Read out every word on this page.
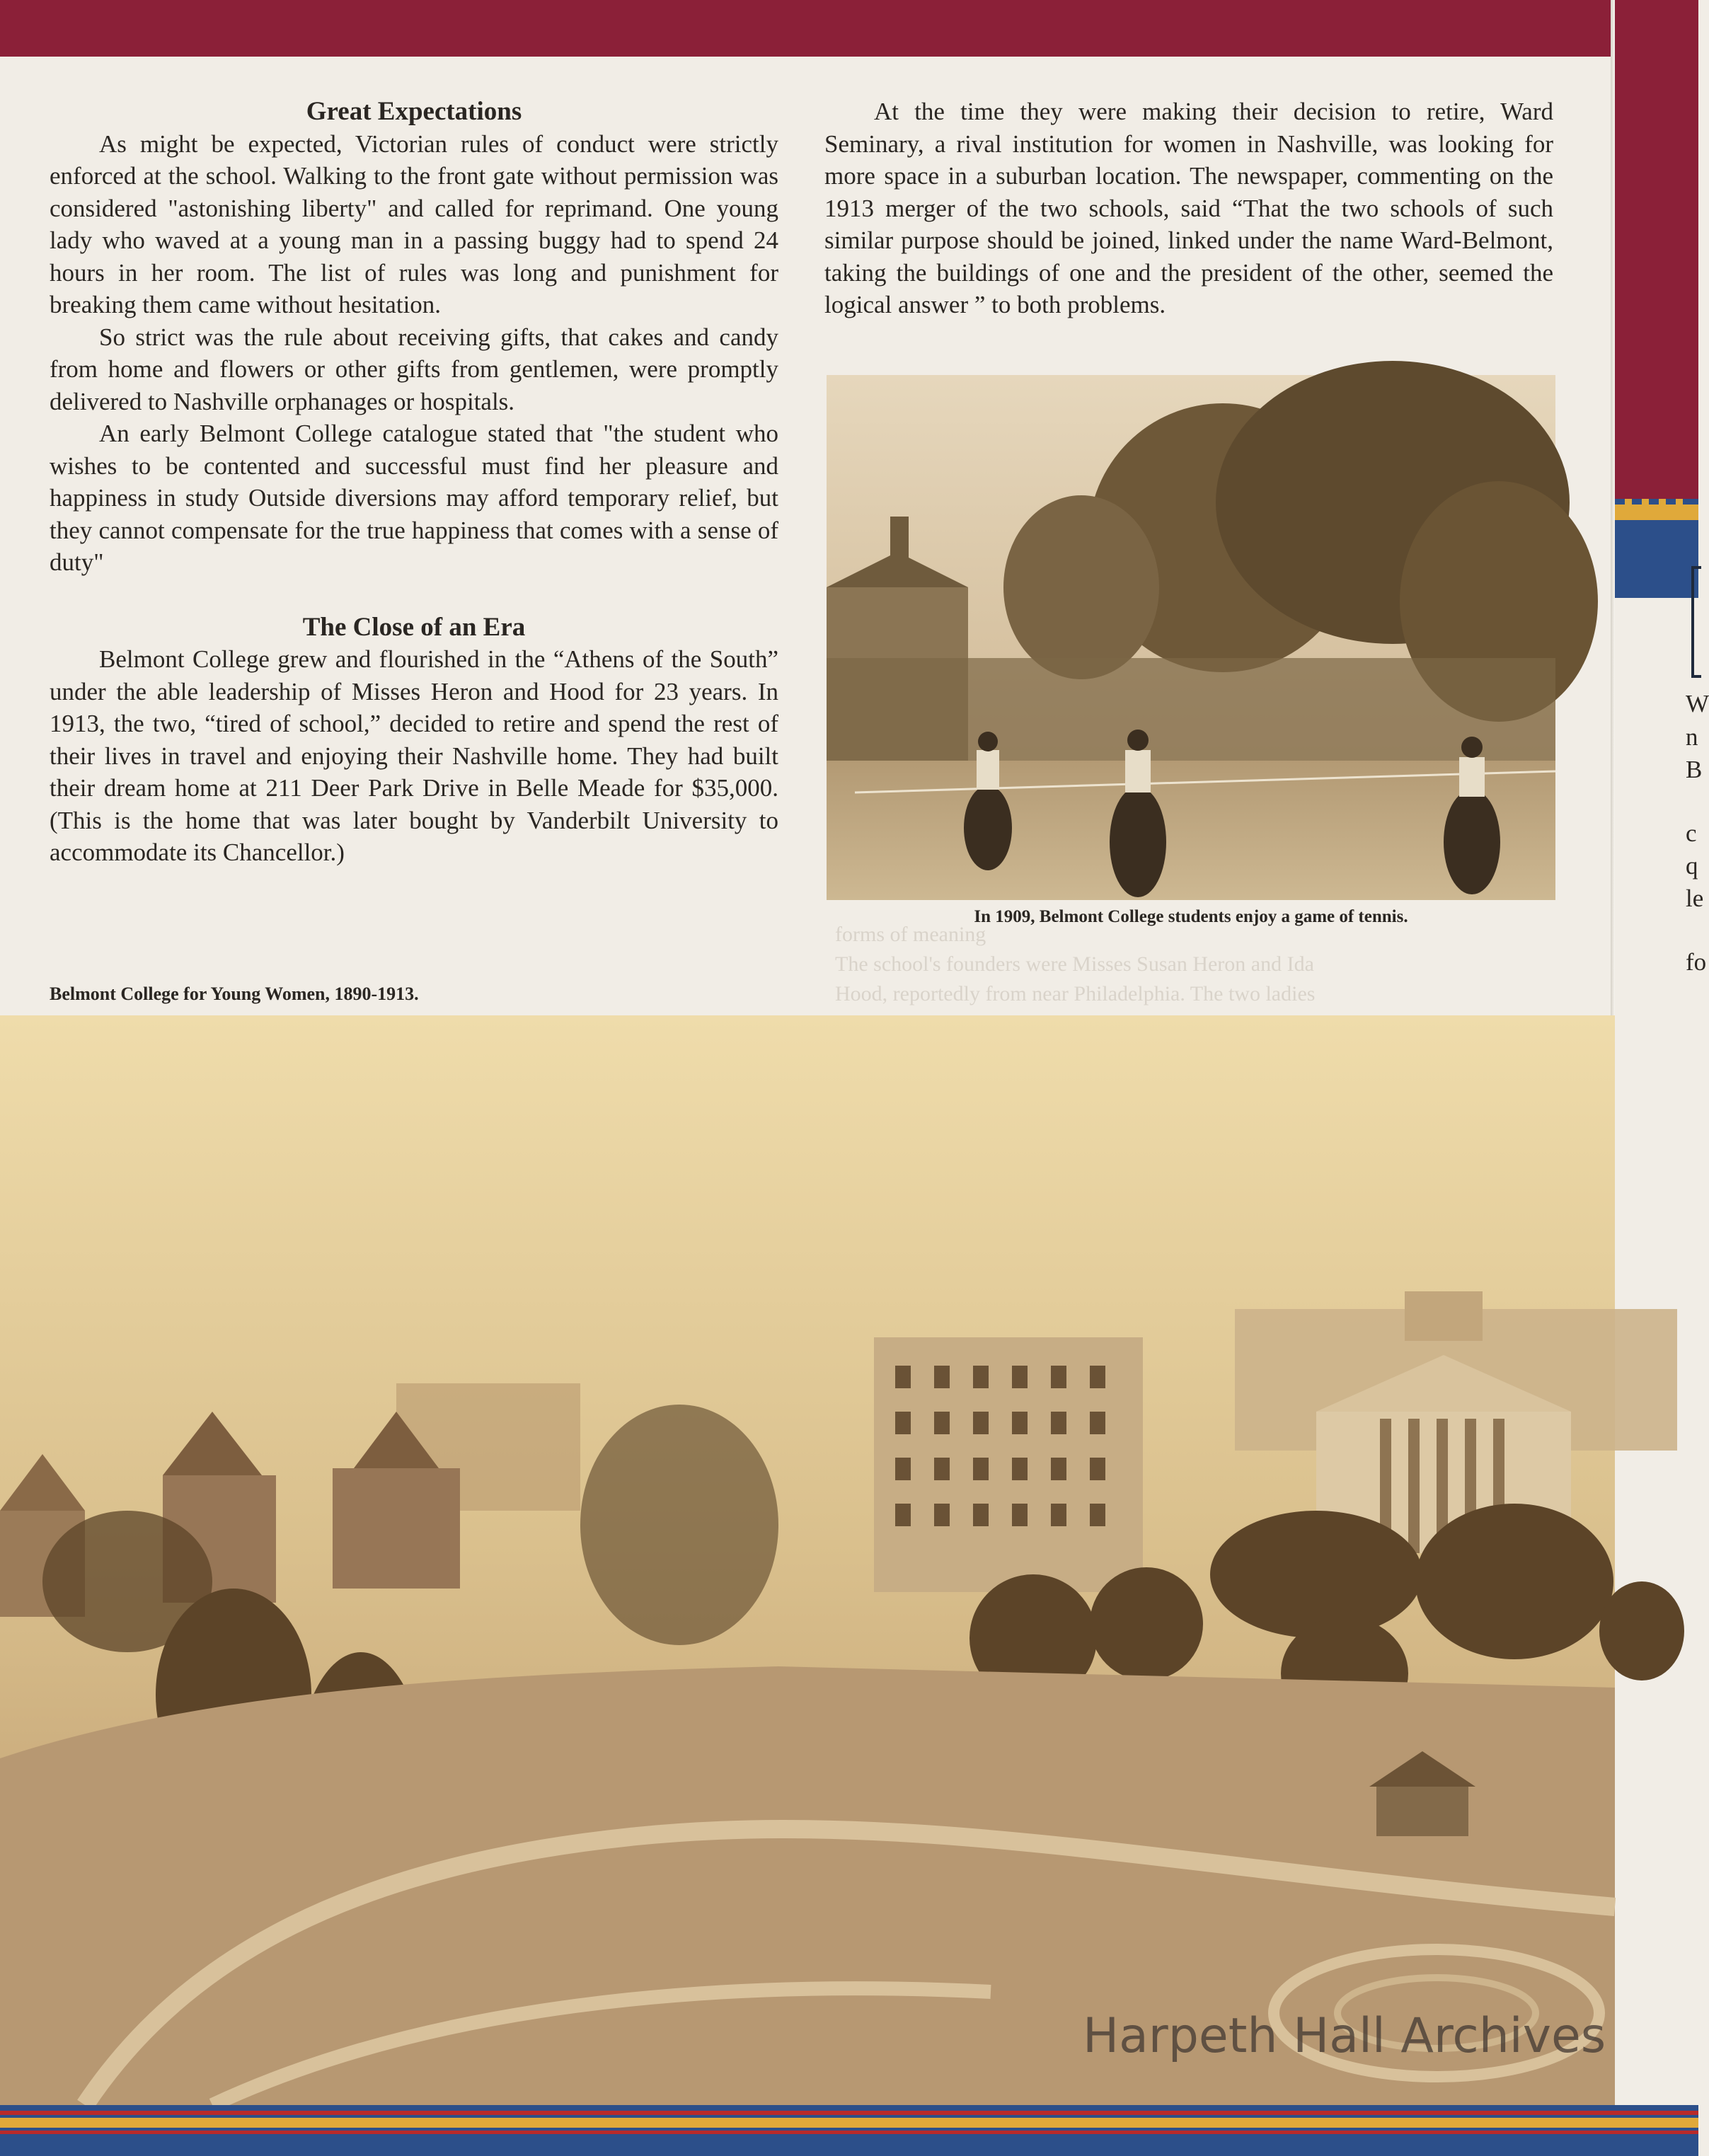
Great Expectations

As might be expected, Victorian rules of conduct were strictly enforced at the school. Walking to the front gate without permission was considered "astonishing liberty" and called for reprimand. One young lady who waved at a young man in a passing buggy had to spend 24 hours in her room. The list of rules was long and punishment for breaking them came without hesitation.

So strict was the rule about receiving gifts, that cakes and candy from home and flowers or other gifts from gentlemen, were promptly delivered to Nashville orphanages or hospitals.

An early Belmont College catalogue stated that "the student who wishes to be contented and successful must find her pleasure and happiness in study Outside diversions may afford temporary relief, but they cannot compensate for the true happiness that comes with a sense of duty"

The Close of an Era

Belmont College grew and flourished in the “Athens of the South” under the able leadership of Misses Heron and Hood for 23 years. In 1913, the two, “tired of school,” decided to retire and spend the rest of their lives in travel and enjoying their Nashville home. They had built their dream home at 211 Deer Park Drive in Belle Meade for $35,000. (This is the home that was later bought by Vanderbilt University to accommodate its Chancellor.)

At the time they were making their decision to retire, Ward Seminary, a rival institution for women in Nashville, was looking for more space in a suburban location. The newspaper, commenting on the 1913 merger of the two schools, said “That the two schools of such similar purpose should be joined, linked under the name Ward-Belmont, taking the buildings of one and the president of the other, seemed the logical answer ” to both problems.

In 1909, Belmont College students enjoy a game of tennis.
forms of meaning
The school's founders were Misses Susan Heron and Ida
Hood, reportedly from near Philadelphia. The two ladies
Belmont College for Young Women, 1890-1913.
W
n
B
c
q
le
fo
Harpeth Hall Archives
